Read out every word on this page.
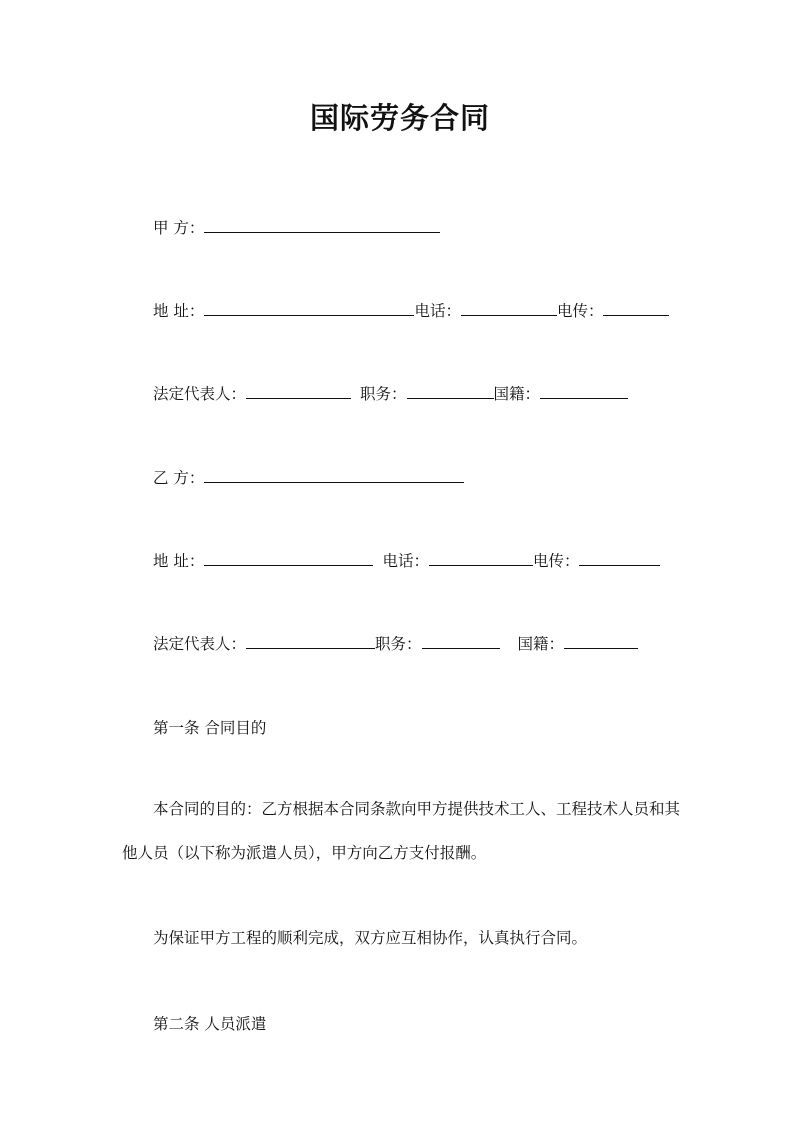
国际劳务合同
甲 方：
地 址：	电话：	电传：
法定代表人：	职务：	国籍：
乙 方：
地 址：	电话：	电传：
法定代表人：	职务：	国籍：
第一条 合同目的
本合同的目的：乙方根据本合同条款向甲方提供技术工人、工程技术人员和其他人员（以下称为派遣人员），甲方向乙方支付报酬。
为保证甲方工程的顺利完成，双方应互相协作，认真执行合同。
第二条 人员派遣
